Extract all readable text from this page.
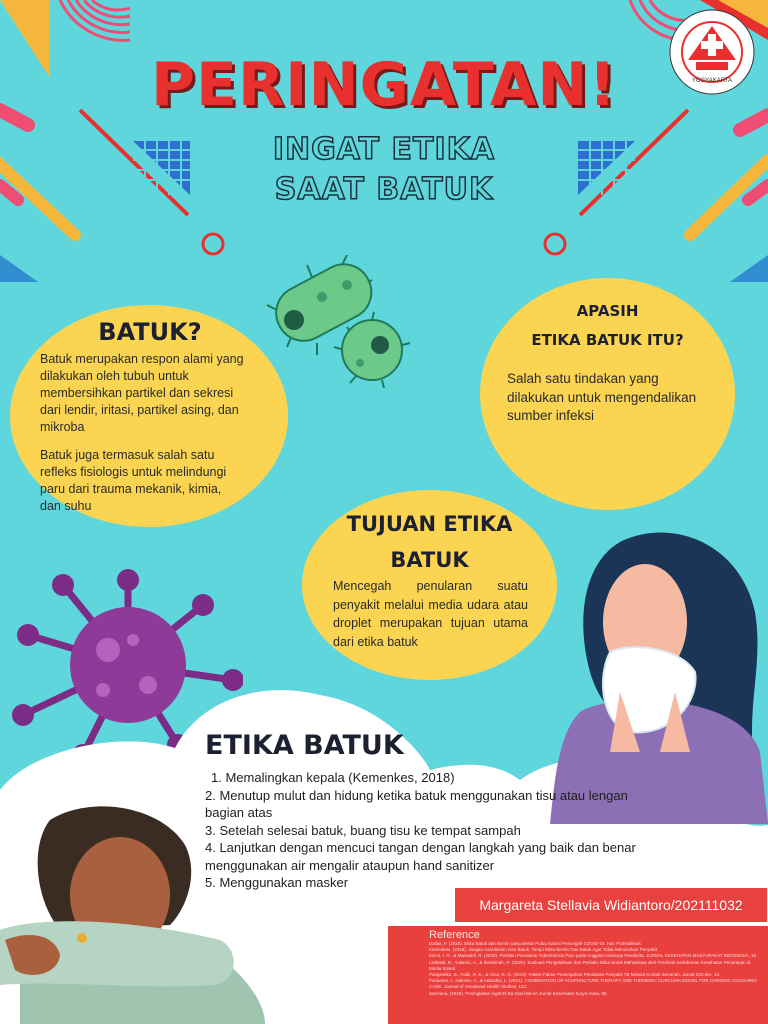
YOGYAKARTA
PERINGATAN!
INGAT ETIKA
SAAT BATUK
BATUK?
Batuk merupakan respon alami yang dilakukan oleh tubuh untuk membersihkan partikel dan sekresi dari lendir, iritasi, partikel asing, dan mikroba
Batuk juga termasuk salah satu refleks fisiologis untuk melindungi paru dari trauma mekanik, kimia, dan suhu
APASIH
ETIKA BATUK ITU?
Salah satu tindakan yang dilakukan untuk mengendalikan sumber infeksi
TUJUAN ETIKA
BATUK
Mencegah penularan suatu penyakit melalui media udara atau droplet merupakan tujuan utama dari etika batuk
ETIKA BATUK
1. Memalingkan kepala (Kemenkes, 2018)
2. Menutup mulut dan hidung ketika batuk menggunakan tisu atau lengan bagian atas
3. Setelah selesai batuk, buang tisu ke tempat sampah
4. Lanjutkan dengan mencuci tangan dengan langkah yang baik dan benar menggunakan air mengalir ataupun hand sanitizer
5. Menggunakan masker
Margareta Stellavia Widiantoro/202111032
Reference
Dalias, F. (2020). Etika Batuk dan Bersin yang Benar Pulau Karimi Pencegah COVID-19. Hal: Prakhalikset.
Kemenkes. (2018). Jangan Asal Bersin Dan Batuk, Terapi Etika Bersin Dan Batuk Agar Tidak Menularkan Penyakit.
Mursi, I. G., & Marwaldi, R. (2020). Perilaku Penularan Tuberkulosis Paru pada Anggota Keluarga Penderita. JURNAL KESEHATAN MASYARAKAT INDONESIA, 15.
Listiniati, R., Yuliarini, A., & Ibrahimah, R. (2020). Evaluasi Pengetahuan dan Perilaku Etika Batuk Mahasiswa oleh Ferdinah Kedokteran Kesehatan Penerapan di Media Sosial.
Pangestika, B., Fadli, R. K., & Alisa, R. G. (2019). Faktor-Faktor Pencegahan Penularan Penyakit TB Melalui Kontak Serumah. Jurnal SOLMA, 10.
Purwanto, I., Hakrain, A., & Indradini, L. (2021). COMBINATION OF ACUPUNCTURE THERAPY AND TURMERIC CURCUMA MODEL FOR CHRONIC COUGHING CASE. Journal of Vocational Health Studies, 122.
Sarmana, (2019). Peningkatan ingat El Ba Gisel Ba kA Jurnal Kesehatan Surya Husa, 95.
